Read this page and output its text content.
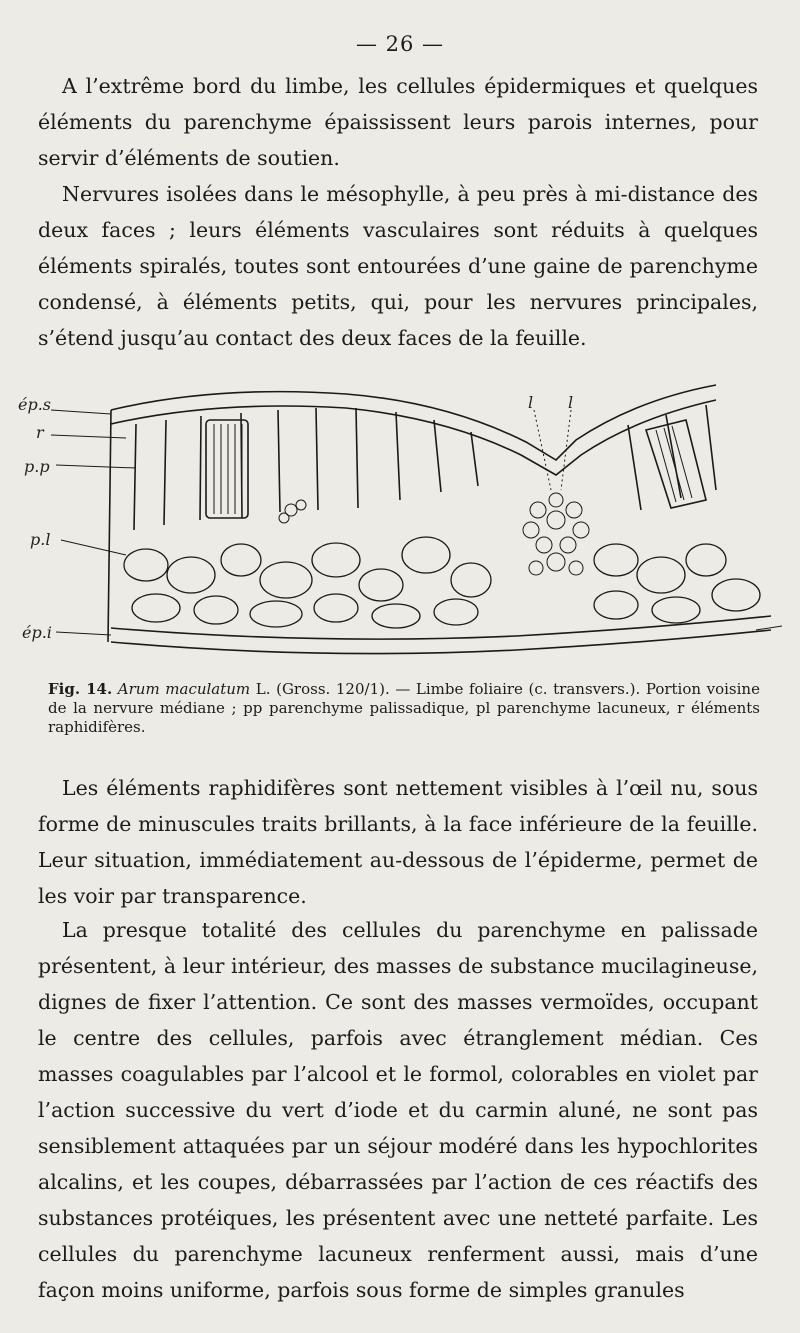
— 26 —

A l’extrême bord du limbe, les cellules épidermiques et quelques éléments du parenchyme épaississent leurs parois internes, pour servir d’éléments de soutien.

Nervures isolées dans le mésophylle, à peu près à mi-distance des deux faces ; leurs éléments vasculaires sont réduits à quelques éléments spiralés, toutes sont entourées d’une gaine de parenchyme condensé, à éléments petits, qui, pour les nervures principales, s’étend jusqu’au contact des deux faces de la feuille.

ép.s
r
p.p
p.l
ép.i
l l
Fig. 14. Arum maculatum L. (Gross. 120/1). — Limbe foliaire (c. transvers.). Portion voisine de la nervure médiane ; pp parenchyme palissadique, pl parenchyme lacuneux, r éléments raphidifères.

Les éléments raphidifères sont nettement visibles à l’œil nu, sous forme de minuscules traits brillants, à la face inférieure de la feuille. Leur situation, immédiatement au-dessous de l’épiderme, permet de les voir par transparence.

La presque totalité des cellules du parenchyme en palissade présentent, à leur intérieur, des masses de substance mucilagineuse, dignes de fixer l’attention. Ce sont des masses vermoïdes, occupant le centre des cellules, parfois avec étranglement médian. Ces masses coagulables par l’alcool et le formol, colorables en violet par l’action successive du vert d’iode et du carmin aluné, ne sont pas sensiblement attaquées par un séjour modéré dans les hypochlorites alcalins, et les coupes, débarrassées par l’action de ces réactifs des substances protéiques, les présentent avec une netteté parfaite. Les cellules du parenchyme lacuneux renferment aussi, mais d’une façon moins uniforme, parfois sous forme de simples granules
